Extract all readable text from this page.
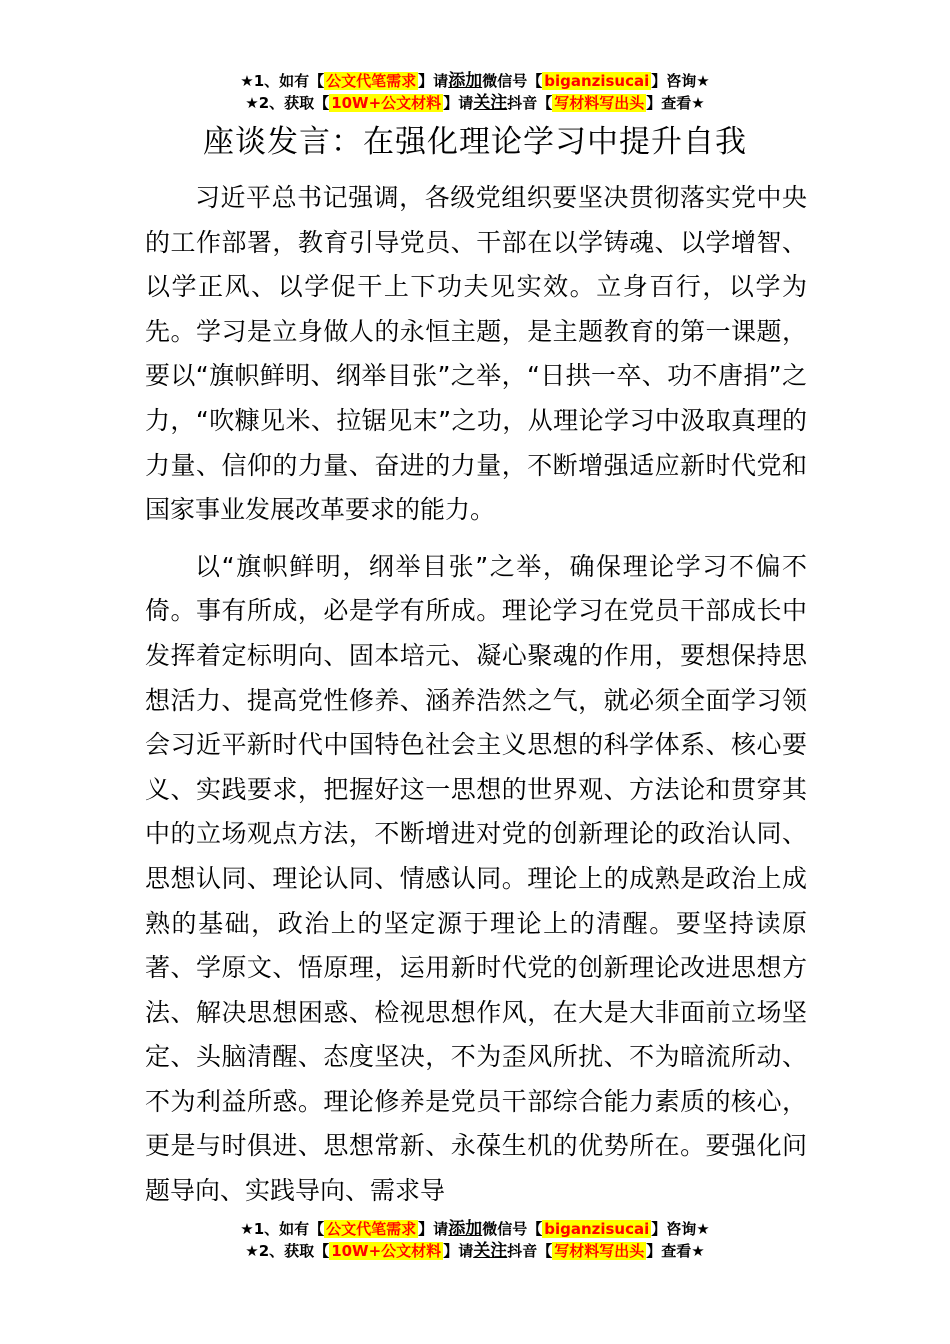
★1、如有【 公文代笔需求 】请添加微信号【 biganzisucai 】咨询★
★2、获取【 10W+公文材料 】请关注抖音【 写材料写出头 】查看★
座谈发言：在强化理论学习中提升自我

习近平总书记强调，各级党组织要坚决贯彻落实党中央的工作部署，教育引导党员、干部在以学铸魂、以学增智、以学正风、以学促干上下功夫见实效。立身百行，以学为先。学习是立身做人的永恒主题，是主题教育的第一课题，要以“旗帜鲜明、纲举目张”之举，“日拱一卒、功不唐捐”之力，“吹糠见米、拉锯见末”之功，从理论学习中汲取真理的力量、信仰的力量、奋进的力量，不断增强适应新时代党和国家事业发展改革要求的能力。

以“旗帜鲜明，纲举目张”之举，确保理论学习不偏不倚。事有所成，必是学有所成。理论学习在党员干部成长中发挥着定标明向、固本培元、凝心聚魂的作用，要想保持思想活力、提高党性修养、涵养浩然之气，就必须全面学习领会习近平新时代中国特色社会主义思想的科学体系、核心要义、实践要求，把握好这一思想的世界观、方法论和贯穿其中的立场观点方法，不断增进对党的创新理论的政治认同、思想认同、理论认同、情感认同。理论上的成熟是政治上成熟的基础，政治上的坚定源于理论上的清醒。要坚持读原著、学原文、悟原理，运用新时代党的创新理论改进思想方法、解决思想困惑、检视思想作风，在大是大非面前立场坚定、头脑清醒、态度坚决，不为歪风所扰、不为暗流所动、不为利益所惑。理论修养是党员干部综合能力素质的核心，更是与时俱进、思想常新、永葆生机的优势所在。要强化问题导向、实践导向、需求导

★1、如有【 公文代笔需求 】请添加微信号【 biganzisucai 】咨询★
★2、获取【 10W+公文材料 】请关注抖音【 写材料写出头 】查看★
